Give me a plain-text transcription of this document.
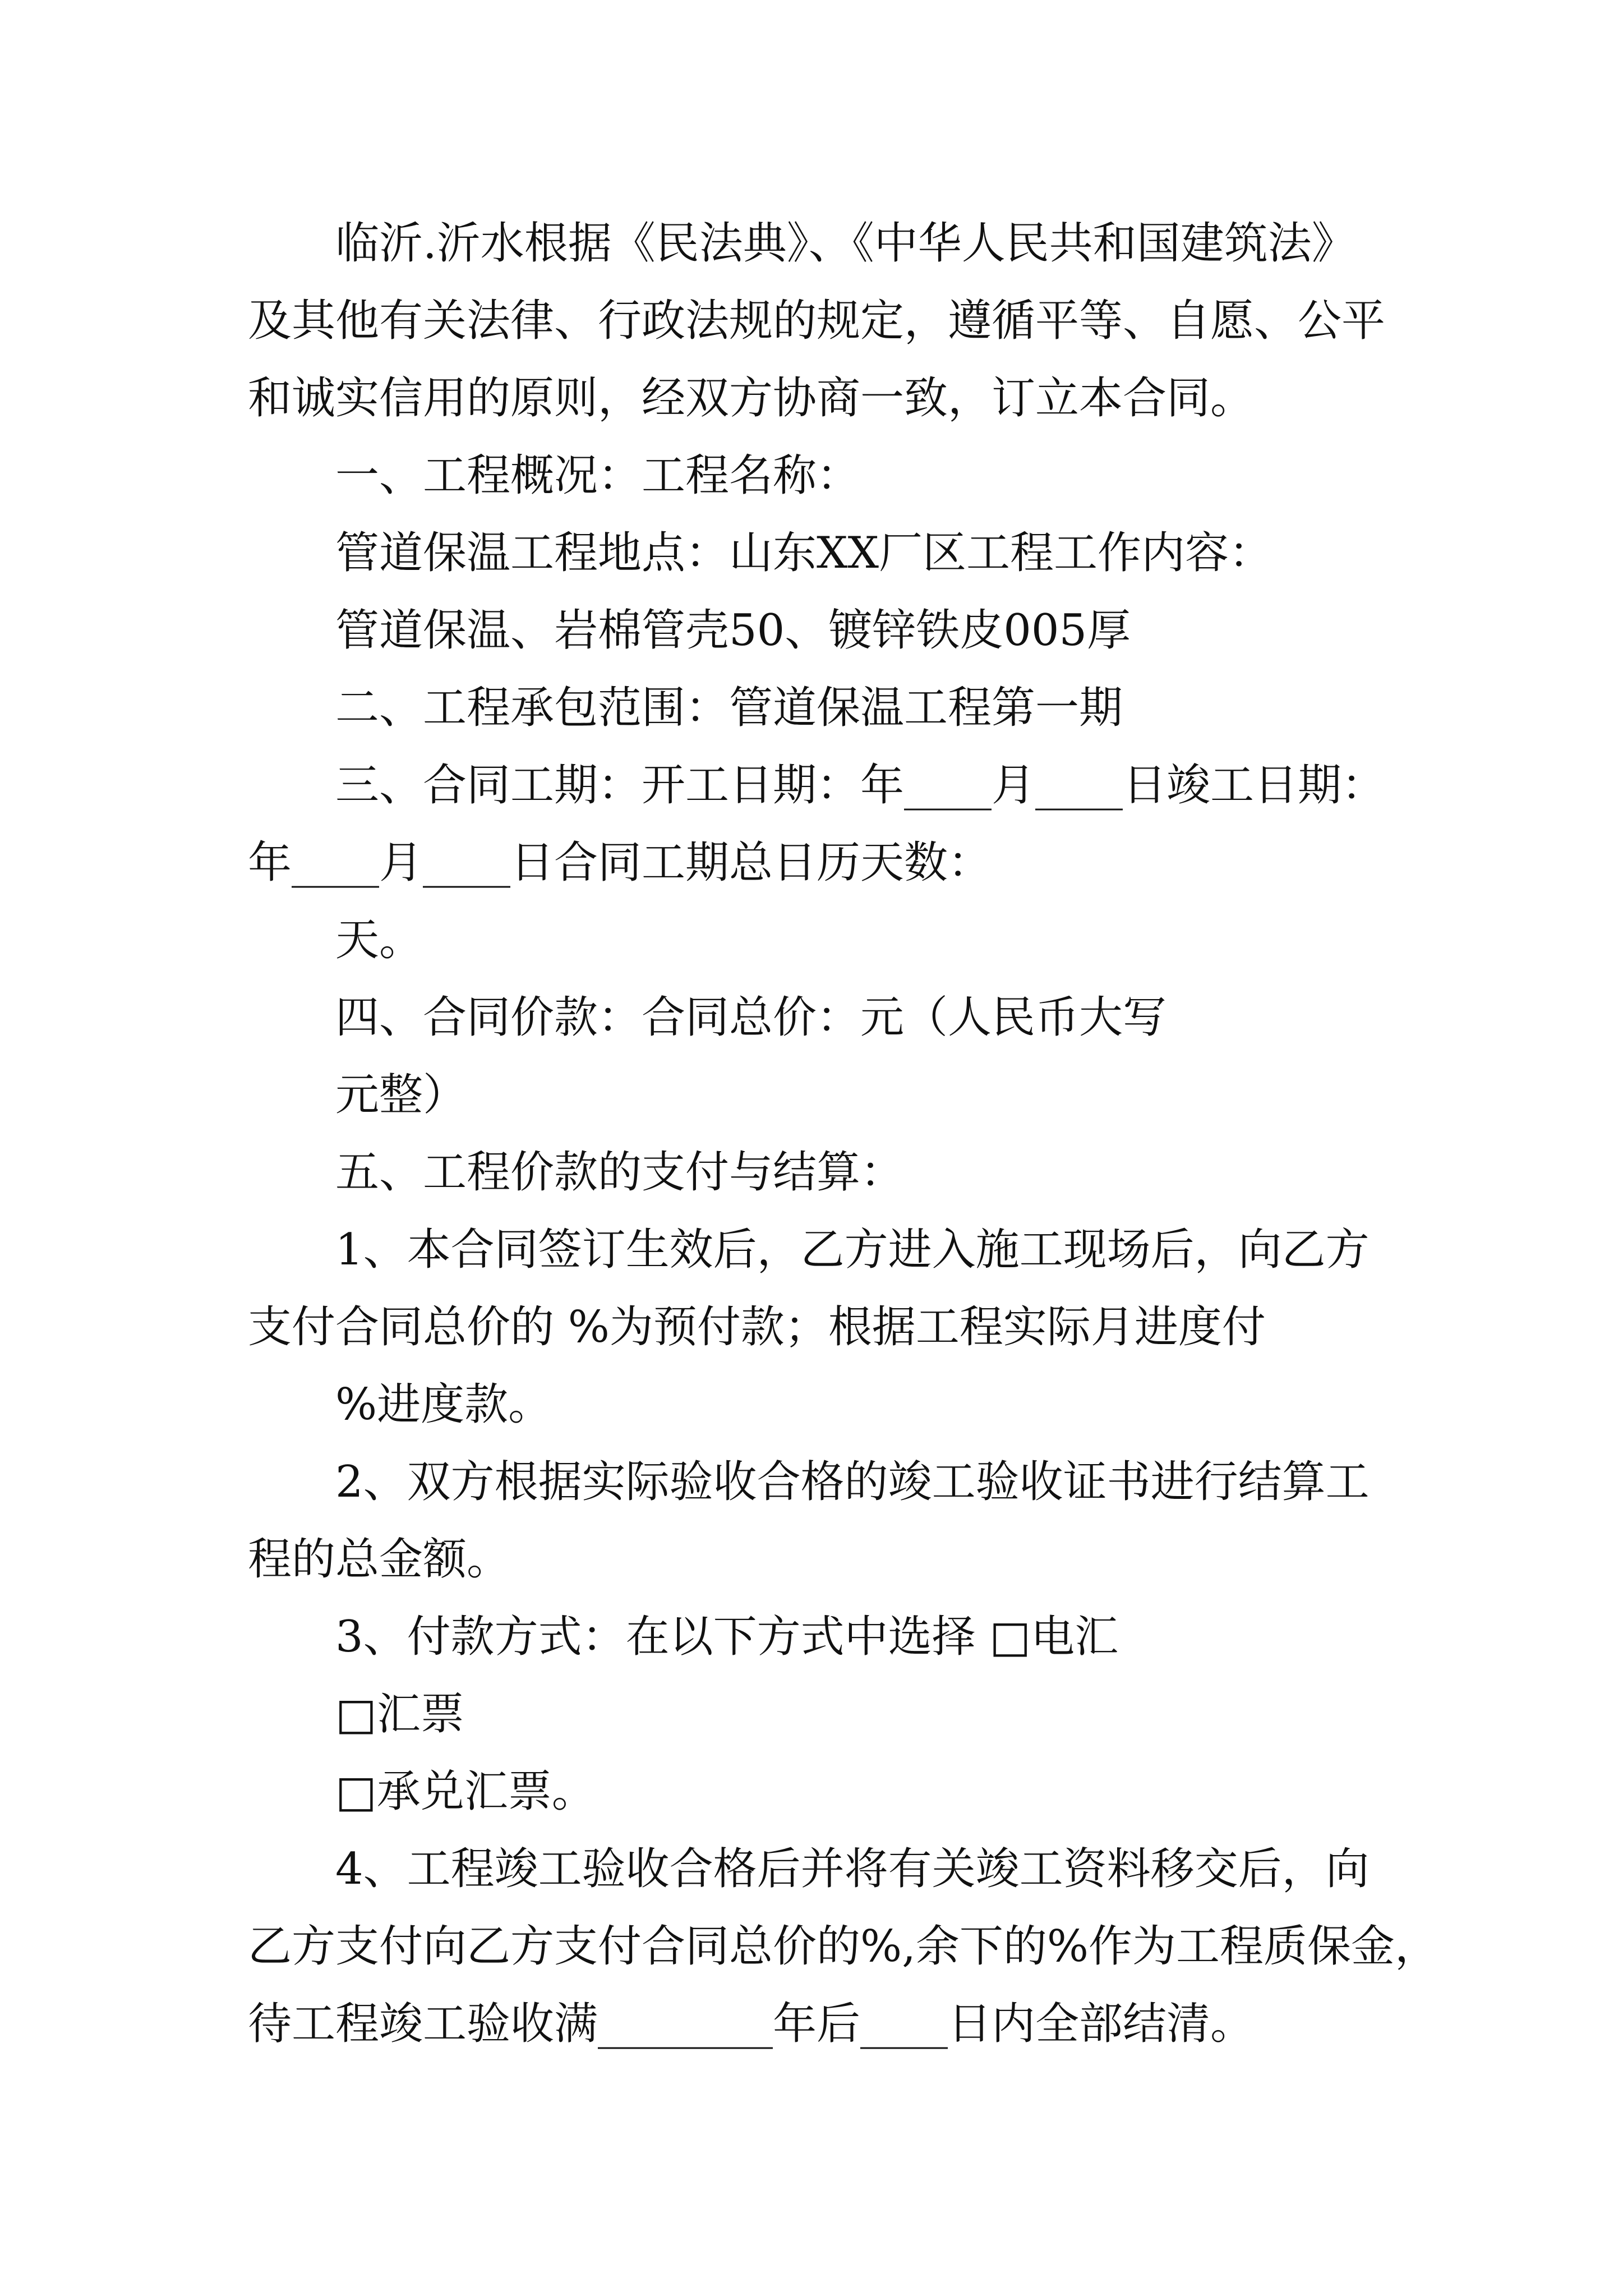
临沂.沂水根据《民法典》、《中华人民共和国建筑法》
及其他有关法律、行政法规的规定，遵循平等、自愿、公平
和诚实信用的原则，经双方协商一致，订立本合同。
一、工程概况：工程名称：
管道保温工程地点：山东XX厂区工程工作内容：
管道保温、岩棉管壳50、镀锌铁皮005厚
二、工程承包范围：管道保温工程第一期
三、合同工期：开工日期：年____月____日竣工日期：
年____月____日合同工期总日历天数：
天。
四、合同价款：合同总价：元（人民币大写
元整）
五、工程价款的支付与结算：
1、本合同签订生效后，乙方进入施工现场后，向乙方
支付合同总价的 %为预付款；根据工程实际月进度付
%进度款。
2、双方根据实际验收合格的竣工验收证书进行结算工
程的总金额。
3、付款方式：在以下方式中选择 □电汇
□汇票
□承兑汇票。
4、工程竣工验收合格后并将有关竣工资料移交后，向
乙方支付向乙方支付合同总价的%,余下的%作为工程质保金，
待工程竣工验收满________年后____日内全部结清。
